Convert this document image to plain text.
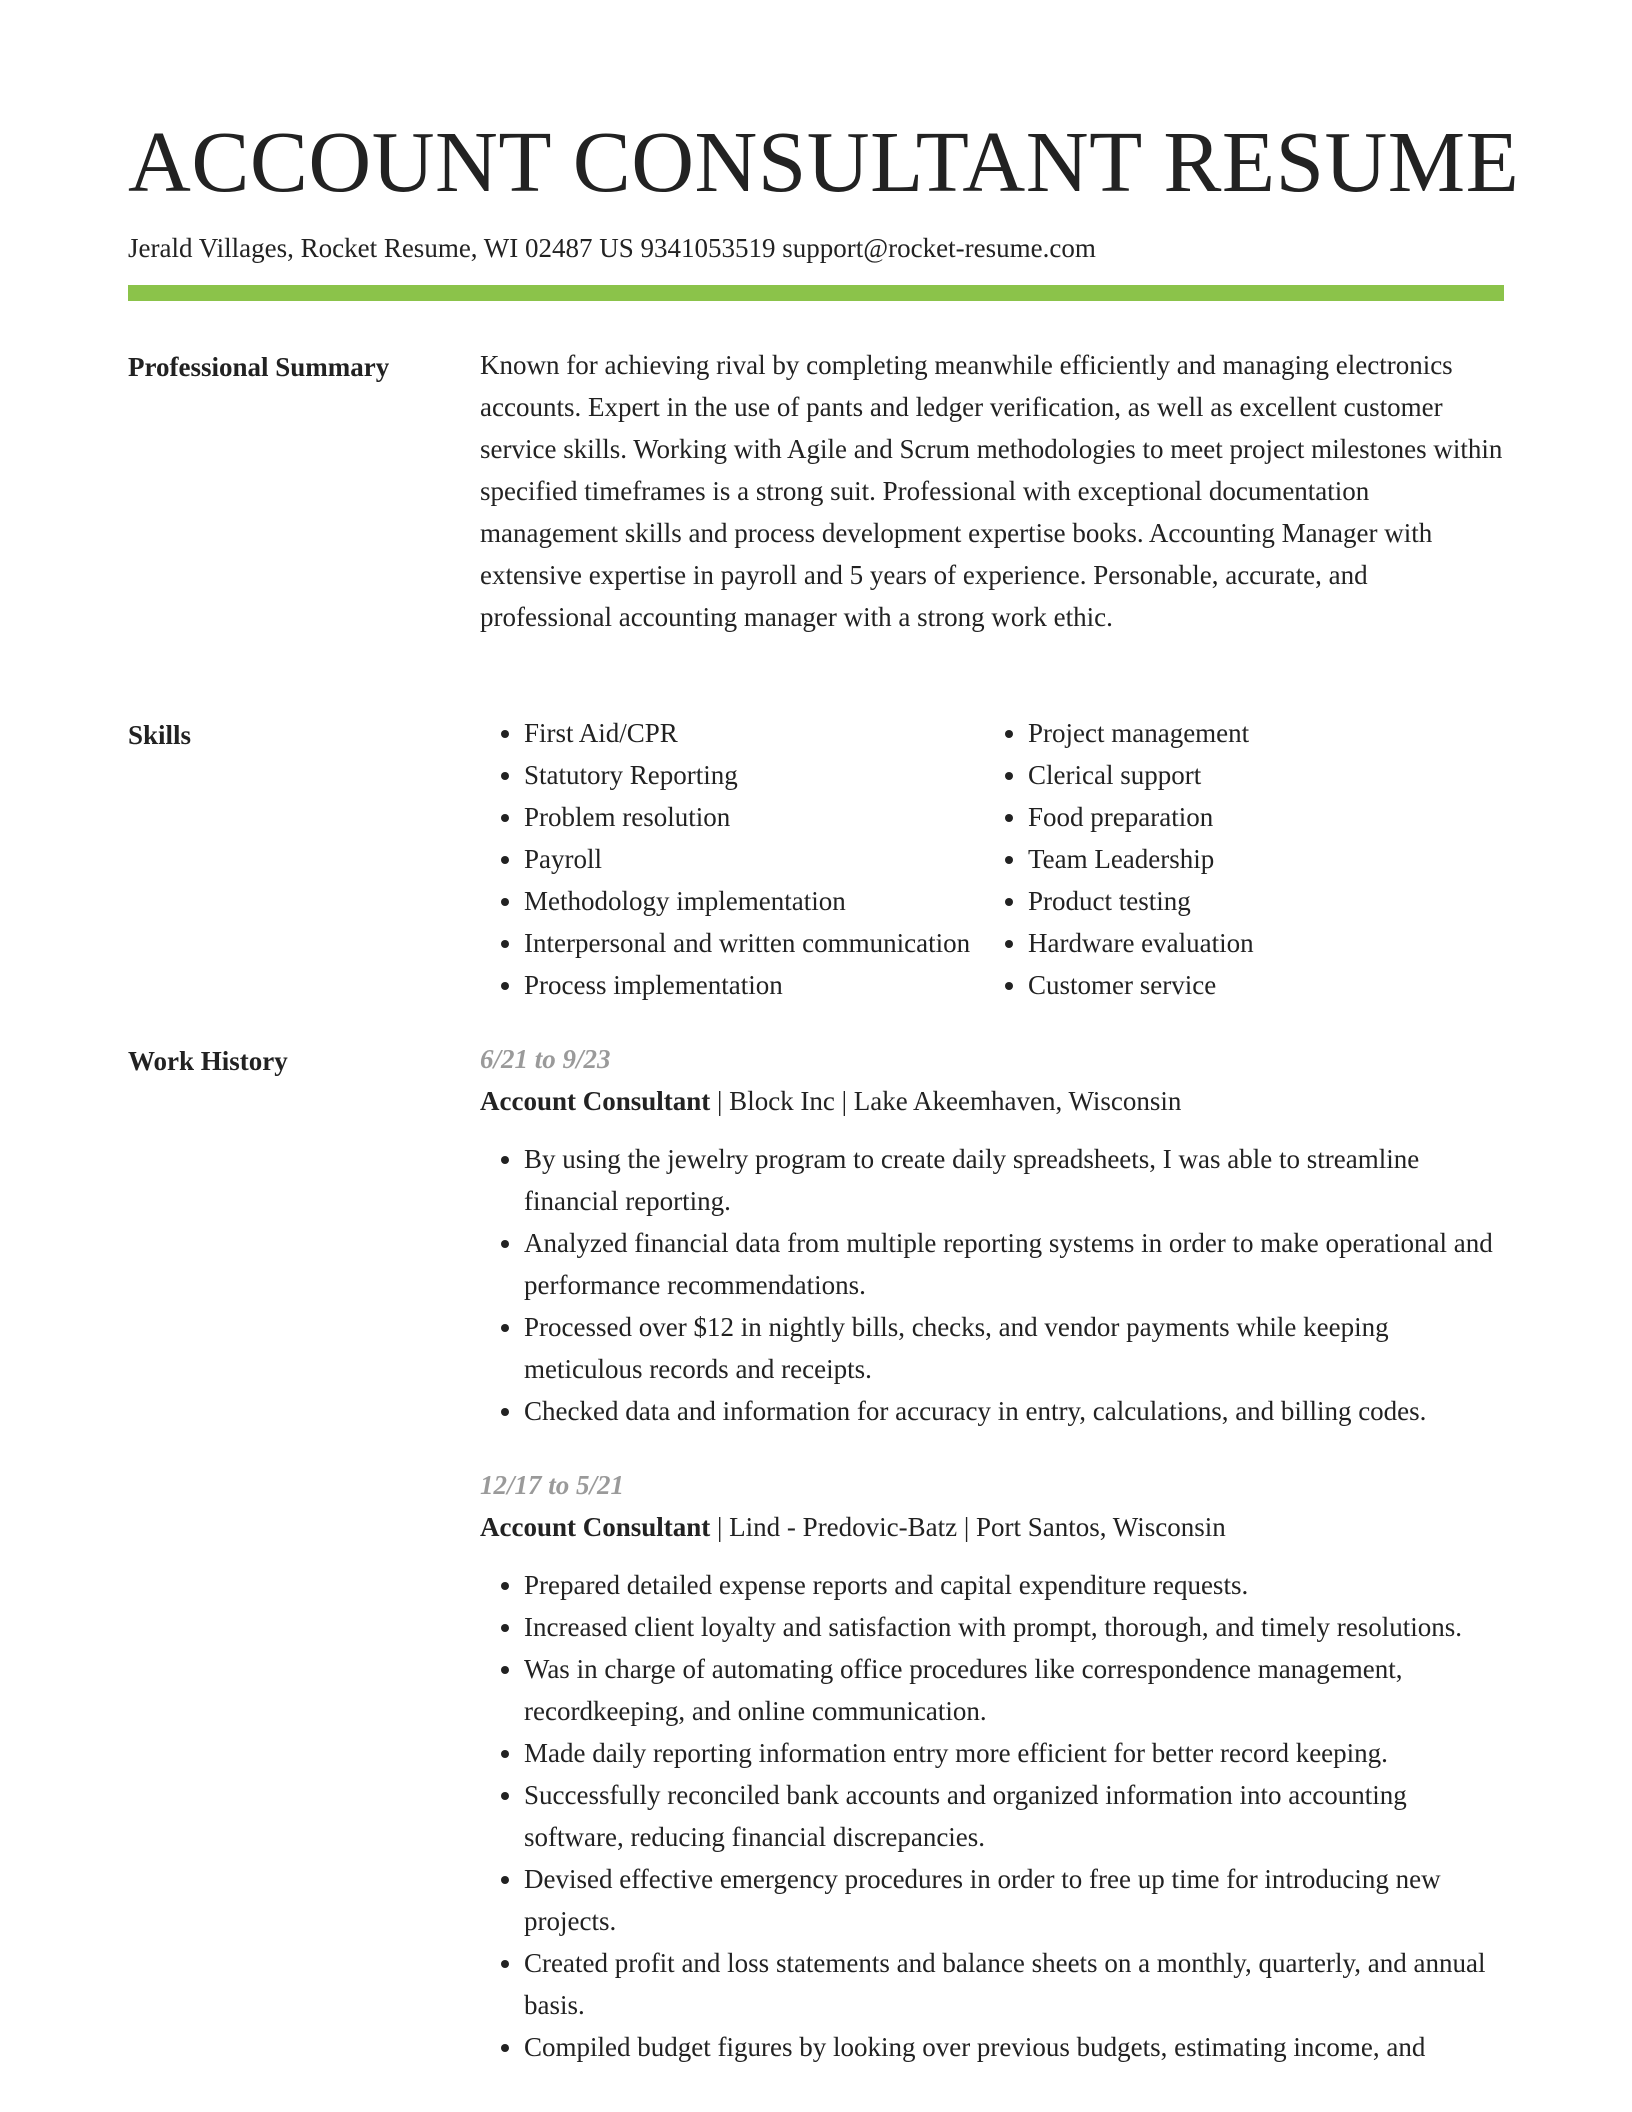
ACCOUNT CONSULTANT RESUME
Jerald Villages, Rocket Resume, WI 02487 US 9341053519 support@rocket-resume.com
Professional Summary	Known for achieving rival by completing meanwhile efficiently and managing electronics accounts. Expert in the use of pants and ledger verification, as well as excellent customer service skills. Working with Agile and Scrum methodologies to meet project milestones within specified timeframes is a strong suit. Professional with exceptional documentation management skills and process development expertise books. Accounting Manager with extensive expertise in payroll and 5 years of experience. Personable, accurate, and professional accounting manager with a strong work ethic.
Skills
•	First Aid/CPR
• Statutory Reporting
• Problem resolution
• Payroll
• Methodology implementation
• Interpersonal and written communication
• Process implementation
• Project management
• Clerical support
• Food preparation
• Team Leadership
• Product testing
• Hardware evaluation
• Customer service
Work History	6/21 to 9/23
Account Consultant | Block Inc | Lake Akeemhaven, Wisconsin
• By using the jewelry program to create daily spreadsheets, I was able to streamline financial reporting.
• Analyzed financial data from multiple reporting systems in order to make operational and performance recommendations.
• Processed over $12 in nightly bills, checks, and vendor payments while keeping meticulous records and receipts.
• Checked data and information for accuracy in entry, calculations, and billing codes.
12/17 to 5/21
Account Consultant | Lind - Predovic-Batz | Port Santos, Wisconsin
• Prepared detailed expense reports and capital expenditure requests.
• Increased client loyalty and satisfaction with prompt, thorough, and timely resolutions.
• Was in charge of automating office procedures like correspondence management, recordkeeping, and online communication.
• Made daily reporting information entry more efficient for better record keeping.
• Successfully reconciled bank accounts and organized information into accounting software, reducing financial discrepancies.
• Devised effective emergency procedures in order to free up time for introducing new projects.
• Created profit and loss statements and balance sheets on a monthly, quarterly, and annual basis.
• Compiled budget figures by looking over previous budgets, estimating income, and
